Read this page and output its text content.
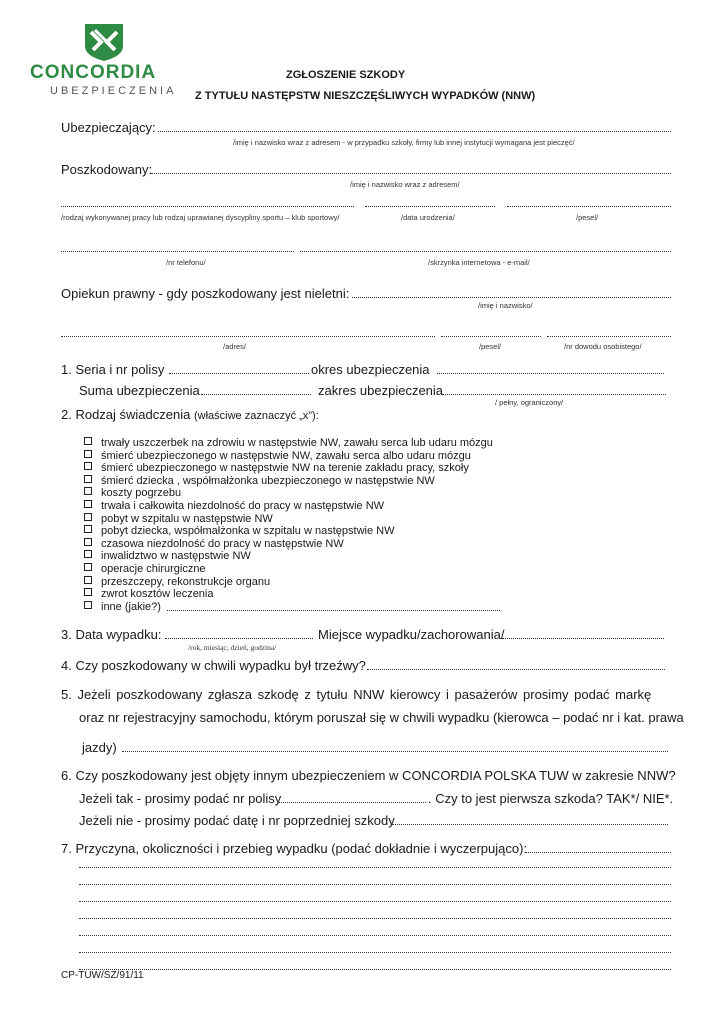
CONCORDIA
UBEZPIECZENIA
ZGŁOSZENIE SZKODY
Z TYTUŁU NASTĘPSTW NIESZCZĘŚLIWYCH WYPADKÓW (NNW)
Ubezpieczający:
/imię i nazwisko wraz z adresem - w przypadku szkoły, firmy lub innej instytucji wymagana jest pieczęć/
Poszkodowany:
/imię i nazwisko wraz z adresem/
/rodzaj wykonywanej pracy lub rodzaj uprawianej dyscypliny sportu – klub sportowy/	/data urodzenia/	/pesel/
/nr telefonu/	/skrzynka internetowa - e-mail/
Opiekun prawny - gdy poszkodowany jest nieletni:
/imię i nazwisko/
/adres/	/pesel/	/nr dowodu osobistego/
1. Seria i nr polisy	okres ubezpieczenia
Suma ubezpieczenia	zakres ubezpieczenia
/ pełny, ograniczony/
2. Rodzaj świadczenia (właściwe zaznaczyć „x”):
trwały uszczerbek na zdrowiu w następstwie NW, zawału serca lub udaru mózgu
śmierć ubezpieczonego w następstwie NW, zawału serca albo udaru mózgu
śmierć ubezpieczonego w następstwie NW na terenie zakładu pracy, szkoły
śmierć dziecka , współmałżonka ubezpieczonego w następstwie NW
koszty pogrzebu
trwała i całkowita niezdolność do pracy w następstwie NW
pobyt w szpitalu w następstwie NW
pobyt dziecka, współmałżonka w szpitalu w następstwie NW
czasowa niezdolność do pracy w następstwie NW
inwalidztwo w następstwie NW
operacje chirurgiczne
przeszczepy, rekonstrukcje organu
zwrot kosztów leczenia
inne (jakie?)
3. Data wypadku:	Miejsce wypadku/zachorowania/
/rok, miesiąc, dzień, godzina/
4. Czy poszkodowany w chwili wypadku był trzeźwy?
5. Jeżeli poszkodowany zgłasza szkodę z tytułu NNW kierowcy i pasażerów prosimy podać markę
oraz nr rejestracyjny samochodu, którym poruszał się w chwili wypadku (kierowca – podać nr i kat. prawa
jazdy)
6. Czy poszkodowany jest objęty innym ubezpieczeniem w CONCORDIA POLSKA TUW w zakresie NNW?
Jeżeli tak - prosimy podać nr polisy	. Czy to jest pierwsza szkoda? TAK*/ NIE*.
Jeżeli nie - prosimy podać datę i nr poprzedniej szkody
7. Przyczyna, okoliczności i przebieg wypadku (podać dokładnie i wyczerpująco):
CP-TUW/SZ/91/11
